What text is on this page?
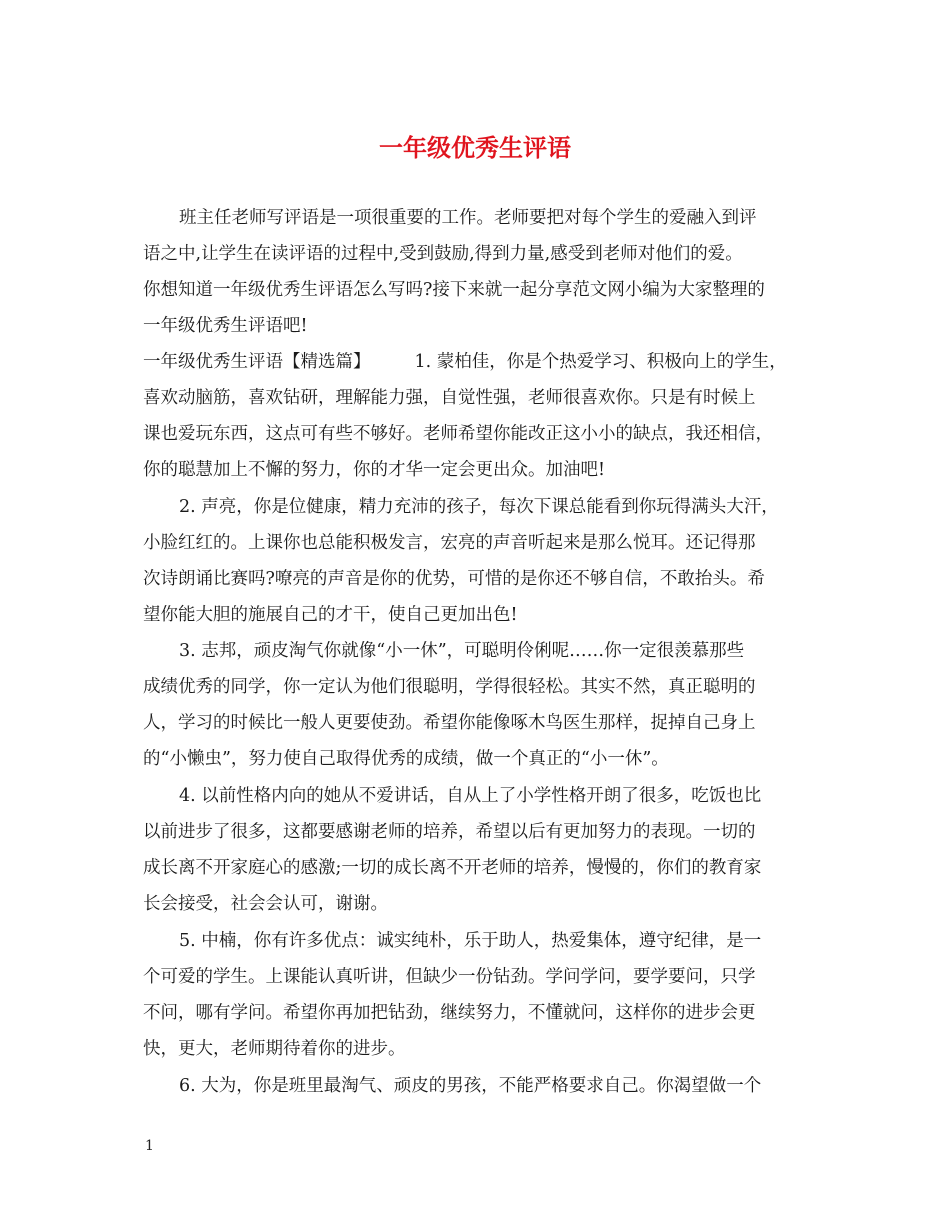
一年级优秀生评语
班主任老师写评语是一项很重要的工作。老师要把对每个学生的爱融入到评
语之中,让学生在读评语的过程中,受到鼓励,得到力量,感受到老师对他们的爱。
你想知道一年级优秀生评语怎么写吗?接下来就一起分享范文网小编为大家整理的
一年级优秀生评语吧!
一年级优秀生评语【精选篇】	1. 蒙柏佳，你是个热爱学习、积极向上的学生，
喜欢动脑筋，喜欢钻研，理解能力强，自觉性强，老师很喜欢你。只是有时候上
课也爱玩东西，这点可有些不够好。老师希望你能改正这小小的缺点，我还相信，
你的聪慧加上不懈的努力，你的才华一定会更出众。加油吧!
2. 声亮，你是位健康，精力充沛的孩子，每次下课总能看到你玩得满头大汗，
小脸红红的。上课你也总能积极发言，宏亮的声音听起来是那么悦耳。还记得那
次诗朗诵比赛吗?嘹亮的声音是你的优势，可惜的是你还不够自信，不敢抬头。希
望你能大胆的施展自己的才干，使自己更加出色!
3. 志邦，顽皮淘气你就像“小一休”，可聪明伶俐呢……你一定很羡慕那些
成绩优秀的同学，你一定认为他们很聪明，学得很轻松。其实不然，真正聪明的
人，学习的时候比一般人更要使劲。希望你能像啄木鸟医生那样，捉掉自己身上
的“小懒虫”，努力使自己取得优秀的成绩，做一个真正的“小一休”。
4. 以前性格内向的她从不爱讲话，自从上了小学性格开朗了很多，吃饭也比
以前进步了很多，这都要感谢老师的培养，希望以后有更加努力的表现。一切的
成长离不开家庭心的感激;一切的成长离不开老师的培养，慢慢的，你们的教育家
长会接受，社会会认可，谢谢。
5. 中楠，你有许多优点：诚实纯朴，乐于助人，热爱集体，遵守纪律，是一
个可爱的学生。上课能认真听讲，但缺少一份钻劲。学问学问，要学要问，只学
不问，哪有学问。希望你再加把钻劲，继续努力，不懂就问，这样你的进步会更
快，更大，老师期待着你的进步。
6. 大为，你是班里最淘气、顽皮的男孩，不能严格要求自己。你渴望做一个
1
